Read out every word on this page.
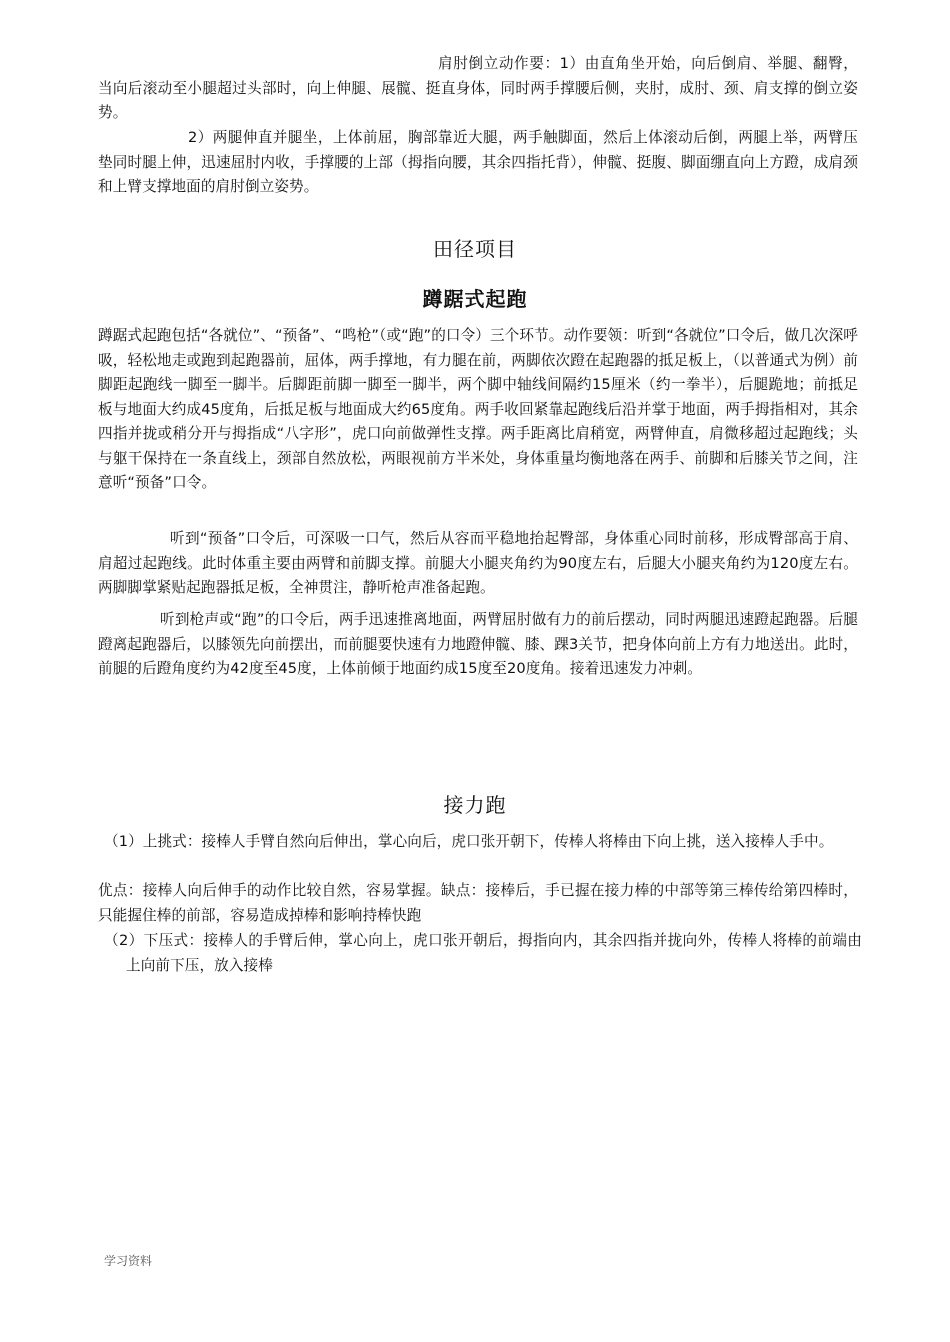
肩肘倒立动作要：1）由直角坐开始，向后倒肩、举腿、翻臀，当向后滚动至小腿超过头部时，向上伸腿、展髋、挺直身体，同时两手撑腰后侧，夹肘，成肘、颈、肩支撑的倒立姿势。

2）两腿伸直并腿坐，上体前屈，胸部靠近大腿，两手触脚面，然后上体滚动后倒，两腿上举，两臂压垫同时腿上伸，迅速屈肘内收，手撑腰的上部（拇指向腰，其余四指托背），伸髋、挺腹、脚面绷直向上方蹬，成肩颈和上臂支撑地面的肩肘倒立姿势。

田径项目
蹲踞式起跑

蹲踞式起跑包括“各就位”、“预备”、“鸣枪”（或“跑”的口令）三个环节。动作要领：听到“各就位”口令后，做几次深呼吸，轻松地走或跑到起跑器前，屈体，两手撑地，有力腿在前，两脚依次蹬在起跑器的抵足板上，（以普通式为例）前脚距起跑线一脚至一脚半。后脚距前脚一脚至一脚半，两个脚中轴线间隔约15厘米（约一拳半），后腿跪地；前抵足板与地面大约成45度角，后抵足板与地面成大约65度角。两手收回紧靠起跑线后沿并掌于地面，两手拇指相对，其余四指并拢或稍分开与拇指成“八字形”，虎口向前做弹性支撑。两手距离比肩稍宽，两臂伸直，肩微移超过起跑线；头与躯干保持在一条直线上，颈部自然放松，两眼视前方半米处，身体重量均衡地落在两手、前脚和后膝关节之间，注意听“预备”口令。

听到“预备”口令后，可深吸一口气，然后从容而平稳地抬起臀部，身体重心同时前移，形成臀部高于肩、肩超过起跑线。此时体重主要由两臂和前脚支撑。前腿大小腿夹角约为90度左右，后腿大小腿夹角约为120度左右。两脚脚掌紧贴起跑器抵足板，全神贯注，静听枪声准备起跑。

听到枪声或“跑”的口令后，两手迅速推离地面，两臂屈肘做有力的前后摆动，同时两腿迅速蹬起跑器。后腿蹬离起跑器后，以膝领先向前摆出，而前腿要快速有力地蹬伸髋、膝、踝3关节，把身体向前上方有力地送出。此时，前腿的后蹬角度约为42度至45度，上体前倾于地面约成15度至20度角。接着迅速发力冲刺。

接力跑

（1）上挑式：接棒人手臂自然向后伸出，掌心向后，虎口张开朝下，传棒人将棒由下向上挑，送入接棒人手中。

优点：接棒人向后伸手的动作比较自然，容易掌握。缺点：接棒后，手已握在接力棒的中部等第三棒传给第四棒时，只能握住棒的前部，容易造成掉棒和影响持棒快跑

（2）下压式：接棒人的手臂后伸，掌心向上，虎口张开朝后，拇指向内，其余四指并拢向外，传棒人将棒的前端由上向前下压，放入接棒

学习资料
